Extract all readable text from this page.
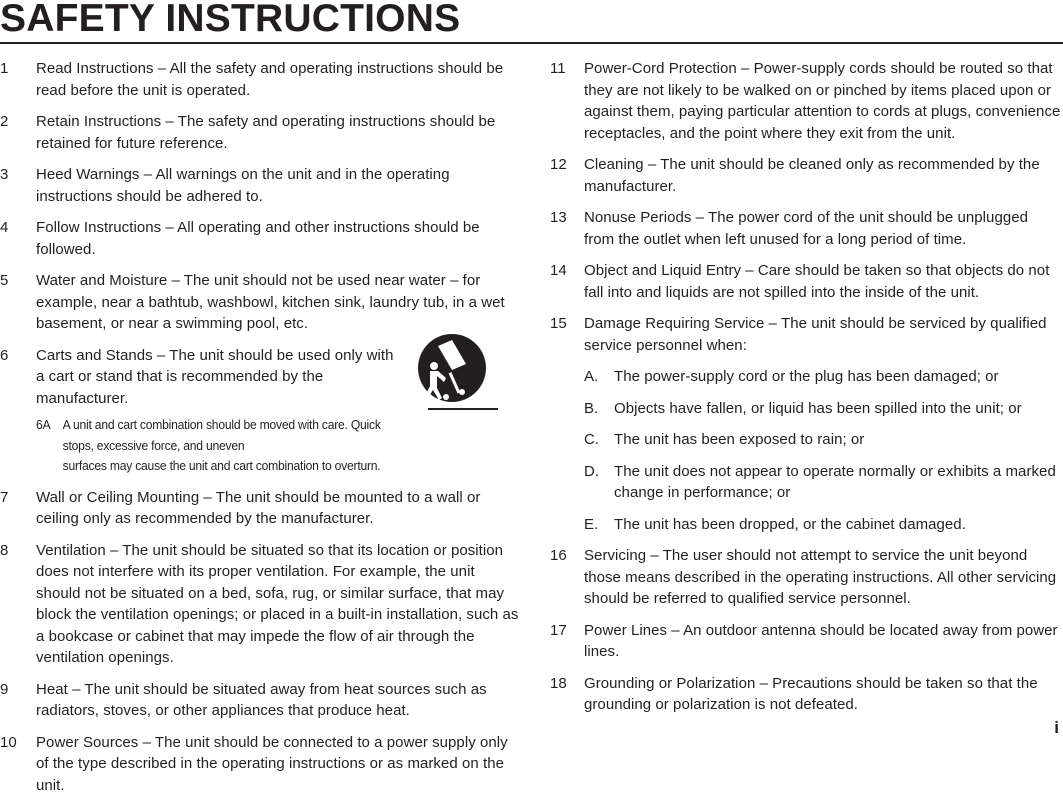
SAFETY INSTRUCTIONS
1 Read Instructions – All the safety and operating instructions should be read before the unit is operated.
2 Retain Instructions – The safety and operating instructions should be retained for future reference.
3 Heed Warnings – All warnings on the unit and in the operating instructions should be adhered to.
4 Follow Instructions – All operating and other instructions should be followed.
5 Water and Moisture – The unit should not be used near water – for example, near a bathtub, washbowl, kitchen sink, laundry tub, in a wet basement, or near a swimming pool, etc.
6 Carts and Stands – The unit should be used only with a cart or stand that is recommended by the manufacturer.
6A A unit and cart combination should be moved with care. Quick stops, excessive force, and uneven
surfaces may cause the unit and cart combination to overturn.
7 Wall or Ceiling Mounting – The unit should be mounted to a wall or ceiling only as recommended by the manufacturer.
8 Ventilation – The unit should be situated so that its location or position does not interfere with its proper ventilation. For example, the unit should not be situated on a bed, sofa, rug, or similar surface, that may block the ventilation openings; or placed in a built-in installation, such as a bookcase or cabinet that may impede the flow of air through the ventilation openings.
9 Heat – The unit should be situated away from heat sources such as radiators, stoves, or other appliances that produce heat.
10 Power Sources – The unit should be connected to a power supply only of the type described in the operating instructions or as marked on the unit.
11 Power-Cord Protection – Power-supply cords should be routed so that they are not likely to be walked on or pinched by items placed upon or against them, paying particular attention to cords at plugs, convenience receptacles, and the point where they exit from the unit.
12 Cleaning – The unit should be cleaned only as recommended by the manufacturer.
13 Nonuse Periods – The power cord of the unit should be unplugged from the outlet when left unused for a long period of time.
14 Object and Liquid Entry – Care should be taken so that objects do not fall into and liquids are not spilled into the inside of the unit.
15 Damage Requiring Service – The unit should be serviced by qualified service personnel when:
A. The power-supply cord or the plug has been damaged; or
B. Objects have fallen, or liquid has been spilled into the unit; or
C. The unit has been exposed to rain; or
D. The unit does not appear to operate normally or exhibits a marked change in performance; or
E. The unit has been dropped, or the cabinet damaged.
16 Servicing – The user should not attempt to service the unit beyond those means described in the operating instructions. All other servicing should be referred to qualified service personnel.
17 Power Lines – An outdoor antenna should be located away from power lines.
18 Grounding or Polarization – Precautions should be taken so that the grounding or polarization is not defeated.
i
